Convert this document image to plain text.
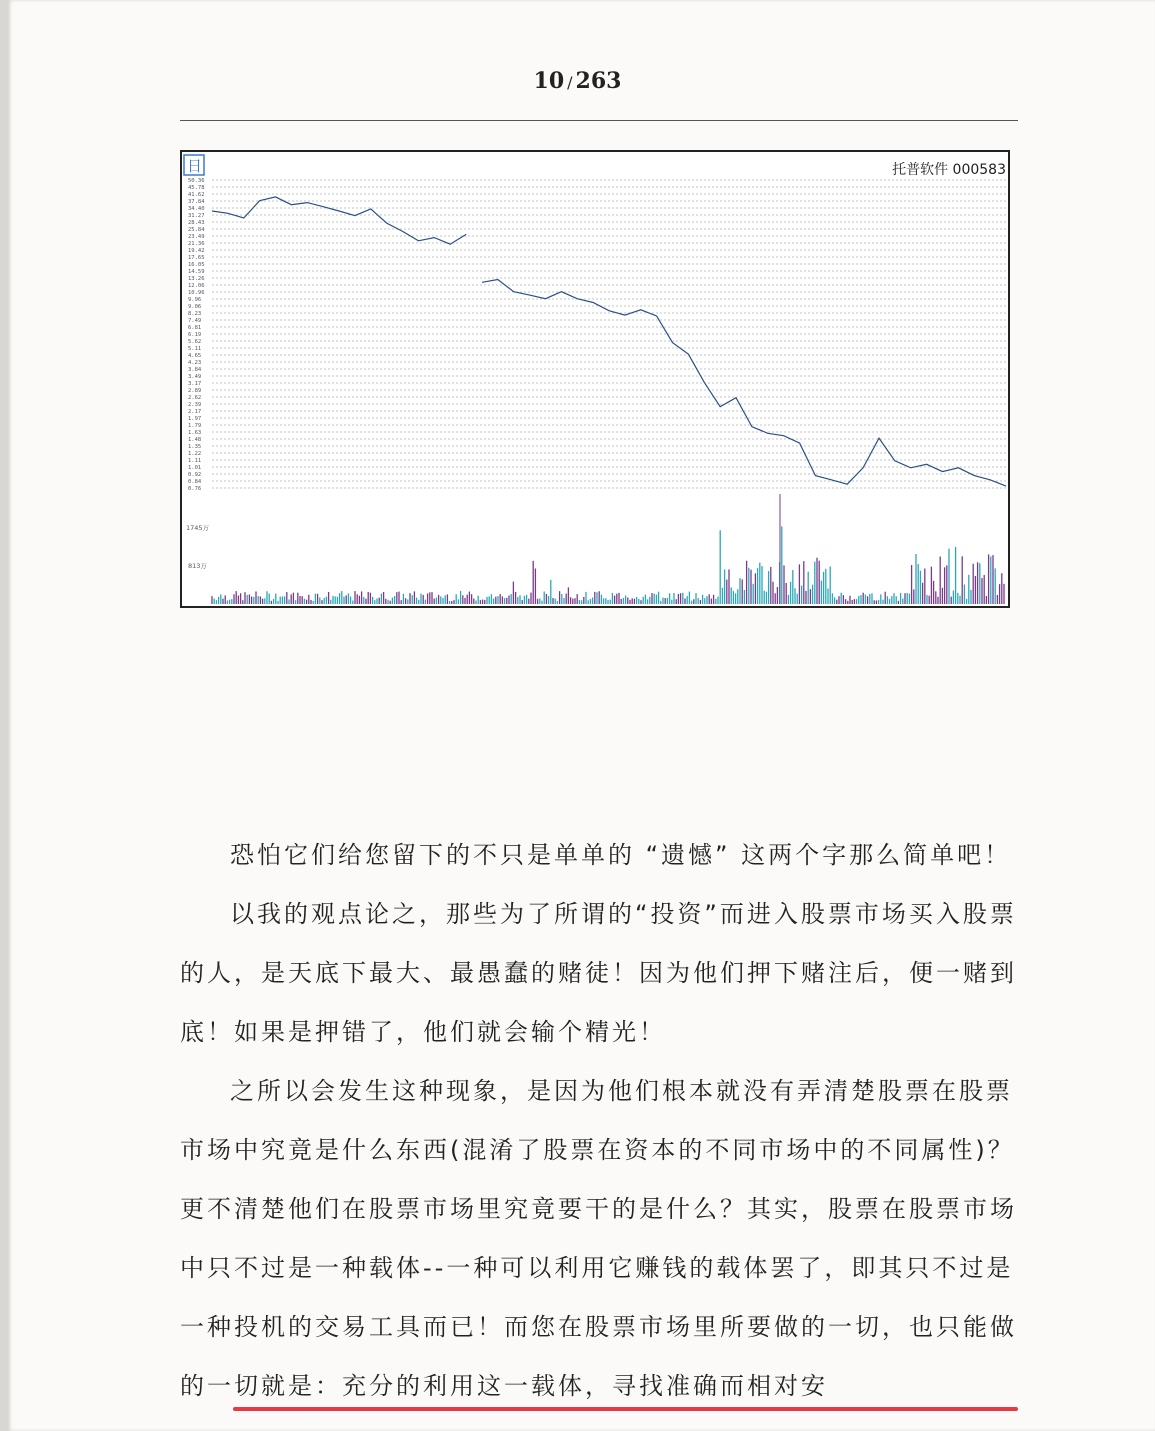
10 / 263
50.36
45.78
41.62
37.84
34.40
31.27
28.43
25.84
23.49
21.36
19.42
17.65
16.05
14.59
13.26
12.06
10.96
9.96
9.06
8.23
7.49
6.81
6.19
5.62
5.11
4.65
4.23
3.84
3.49
3.17
2.89
2.62
2.39
2.17
1.97
1.79
1.63
1.48
1.35
1.22
1.11
1.01
0.92
0.84
0.76
日	托普软件 000583
1745万
813万

恐怕它们给您留下的不只是单单的 “遗憾” 这两个字那么简单吧！

以我的观点论之，那些为了所谓的“投资”而进入股票市场买入股票的人，是天底下最大、最愚蠢的赌徒！因为他们押下赌注后，便一赌到底！如果是押错了，他们就会输个精光！

之所以会发生这种现象，是因为他们根本就没有弄清楚股票在股票市场中究竟是什么东西(混淆了股票在资本的不同市场中的不同属性)？更不清楚他们在股票市场里究竟要干的是什么？其实，股票在股票市场中只不过是一种载体--一种可以利用它赚钱的载体罢了，即其只不过是一种投机的交易工具而已！而您在股票市场里所要做的一切，也只能做的一切就是：充分的利用这一载体，寻找准确而相对安
